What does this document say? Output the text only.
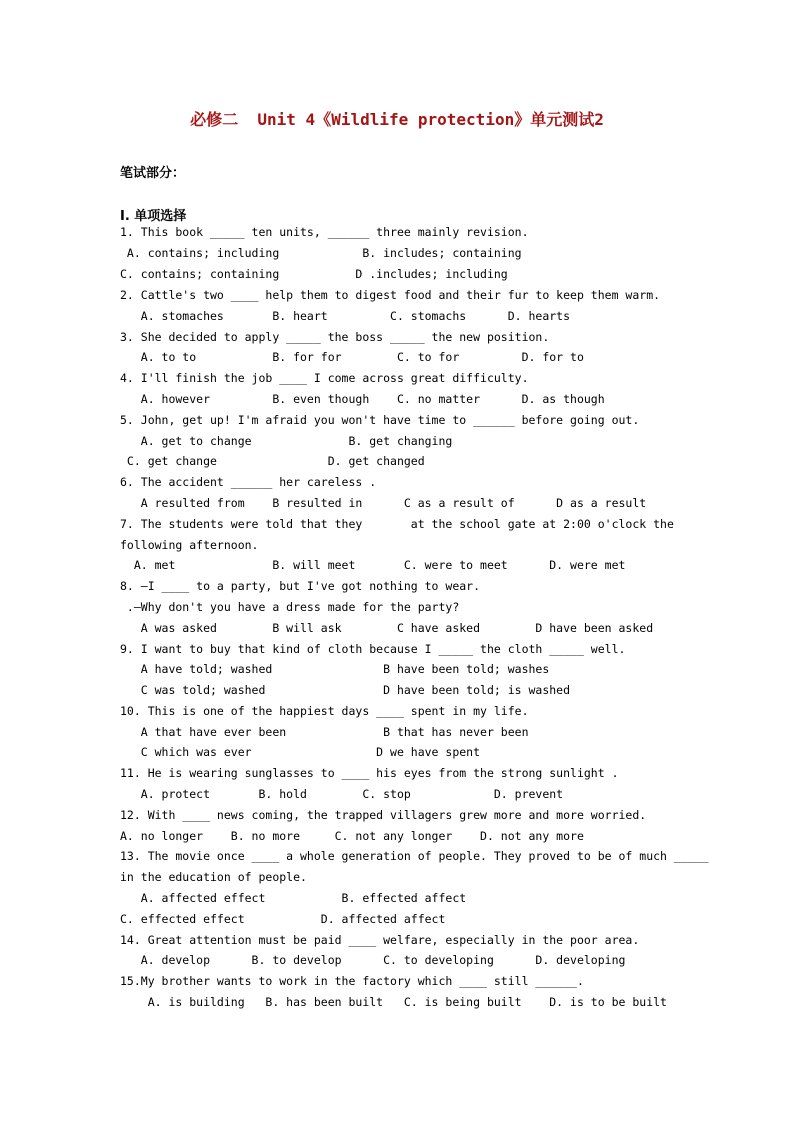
必修二  Unit 4《Wildlife protection》单元测试2
笔试部分：
I. 单项选择
1. This book _____ ten units, ______ three mainly revision.
A. contains; including            B. includes; containing
C. contains; containing           D .includes; including
2. Cattle's two ____ help them to digest food and their fur to keep them warm.
A. stomaches       B. heart         C. stomachs      D. hearts
3. She decided to apply _____ the boss _____ the new position.
A. to to           B. for for        C. to for         D. for to
4. I'll finish the job ____ I come across great difficulty.
A. however         B. even though    C. no matter      D. as though
5. John, get up! I'm afraid you won't have time to ______ before going out.
A. get to change              B. get changing
C. get change                D. get changed
6. The accident ______ her careless .
A resulted from    B resulted in      C as a result of      D as a result
7. The students were told that they       at the school gate at 2:00 o'clock the
following afternoon.
A. met              B. will meet       C. were to meet      D. were met
8. —I ____ to a party, but I've got nothing to wear.
.—Why don't you have a dress made for the party?
A was asked        B will ask        C have asked        D have been asked
9. I want to buy that kind of cloth because I _____ the cloth _____ well.
A have told; washed                B have been told; washes
C was told; washed                 D have been told; is washed
10. This is one of the happiest days ____ spent in my life.
A that have ever been              B that has never been
C which was ever                  D we have spent
11. He is wearing sunglasses to ____ his eyes from the strong sunlight .
A. protect       B. hold        C. stop            D. prevent
12. With ____ news coming, the trapped villagers grew more and more worried.
A. no longer    B. no more     C. not any longer    D. not any more
13. The movie once ____ a whole generation of people. They proved to be of much _____
in the education of people.
A. affected effect           B. effected affect
C. effected effect           D. affected affect
14. Great attention must be paid ____ welfare, especially in the poor area.
A. develop      B. to develop      C. to developing      D. developing
15.My brother wants to work in the factory which ____ still ______.
A. is building   B. has been built   C. is being built    D. is to be built
